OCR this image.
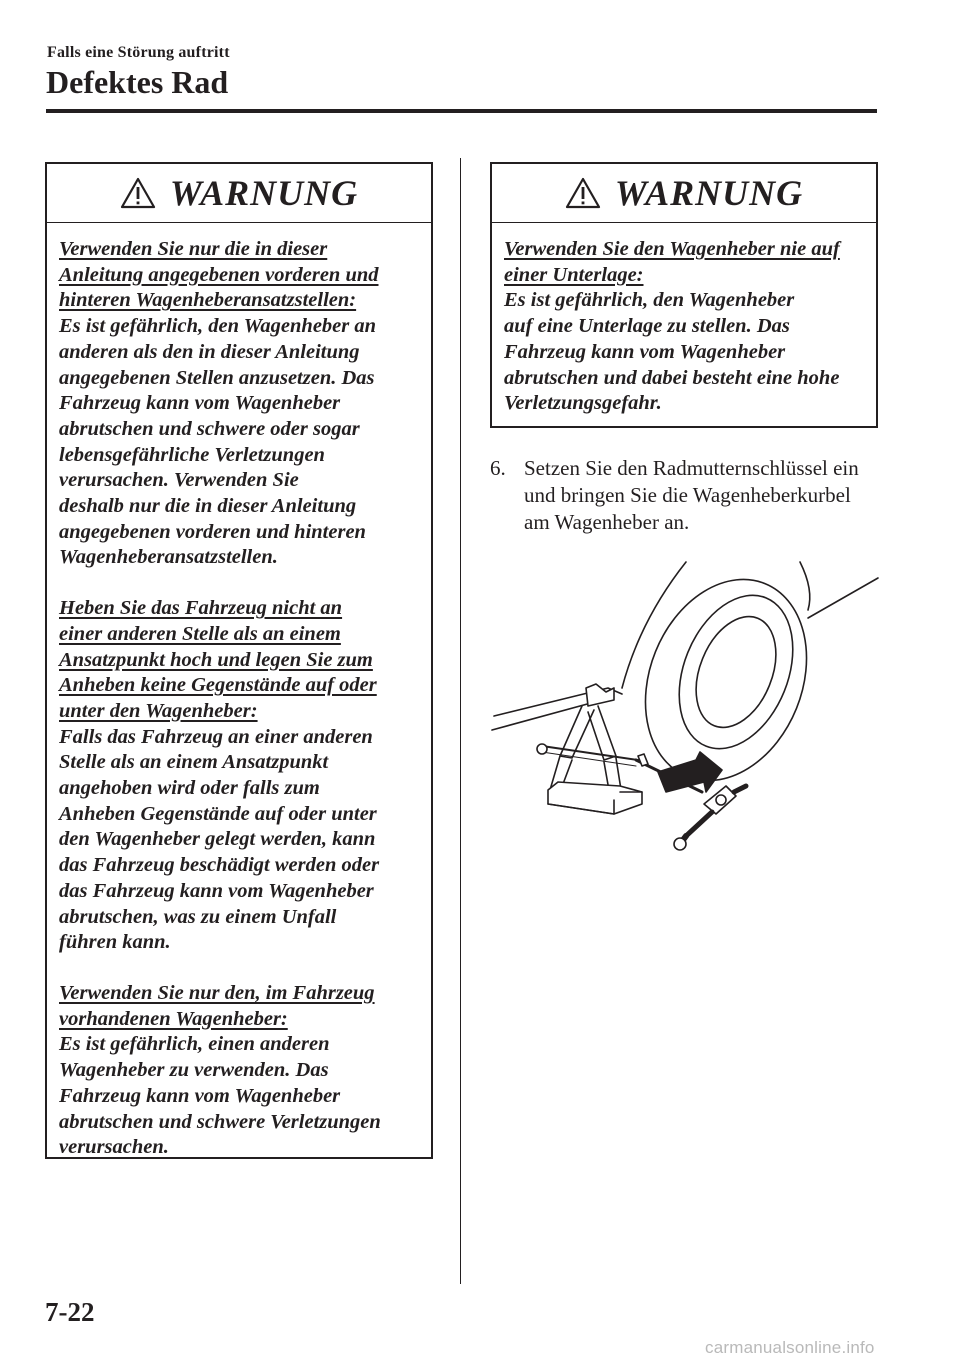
Falls eine Störung auftritt
Defektes Rad
WARNUNG

Verwenden Sie nur die in dieser
Anleitung angegebenen vorderen und
hinteren Wagenheberansatzstellen:

Es ist gefährlich, den Wagenheber an
anderen als den in dieser Anleitung
angegebenen Stellen anzusetzen. Das
Fahrzeug kann vom Wagenheber
abrutschen und schwere oder sogar
lebensgefährliche Verletzungen
verursachen. Verwenden Sie
deshalb nur die in dieser Anleitung
angegebenen vorderen und hinteren
Wagenheberansatzstellen.

Heben Sie das Fahrzeug nicht an
einer anderen Stelle als an einem
Ansatzpunkt hoch und legen Sie zum
Anheben keine Gegenstände auf oder
unter den Wagenheber:

Falls das Fahrzeug an einer anderen
Stelle als an einem Ansatzpunkt
angehoben wird oder falls zum
Anheben Gegenstände auf oder unter
den Wagenheber gelegt werden, kann
das Fahrzeug beschädigt werden oder
das Fahrzeug kann vom Wagenheber
abrutschen, was zu einem Unfall
führen kann.

Verwenden Sie nur den, im Fahrzeug
vorhandenen Wagenheber:

Es ist gefährlich, einen anderen
Wagenheber zu verwenden. Das
Fahrzeug kann vom Wagenheber
abrutschen und schwere Verletzungen
verursachen.

WARNUNG

Verwenden Sie den Wagenheber nie auf
einer Unterlage:

Es ist gefährlich, den Wagenheber
auf eine Unterlage zu stellen. Das
Fahrzeug kann vom Wagenheber
abrutschen und dabei besteht eine hohe
Verletzungsgefahr.

6. Setzen Sie den Radmutternschlüssel ein
und bringen Sie die Wagenheberkurbel
am Wagenheber an.
7-22
carmanualsonline.info
